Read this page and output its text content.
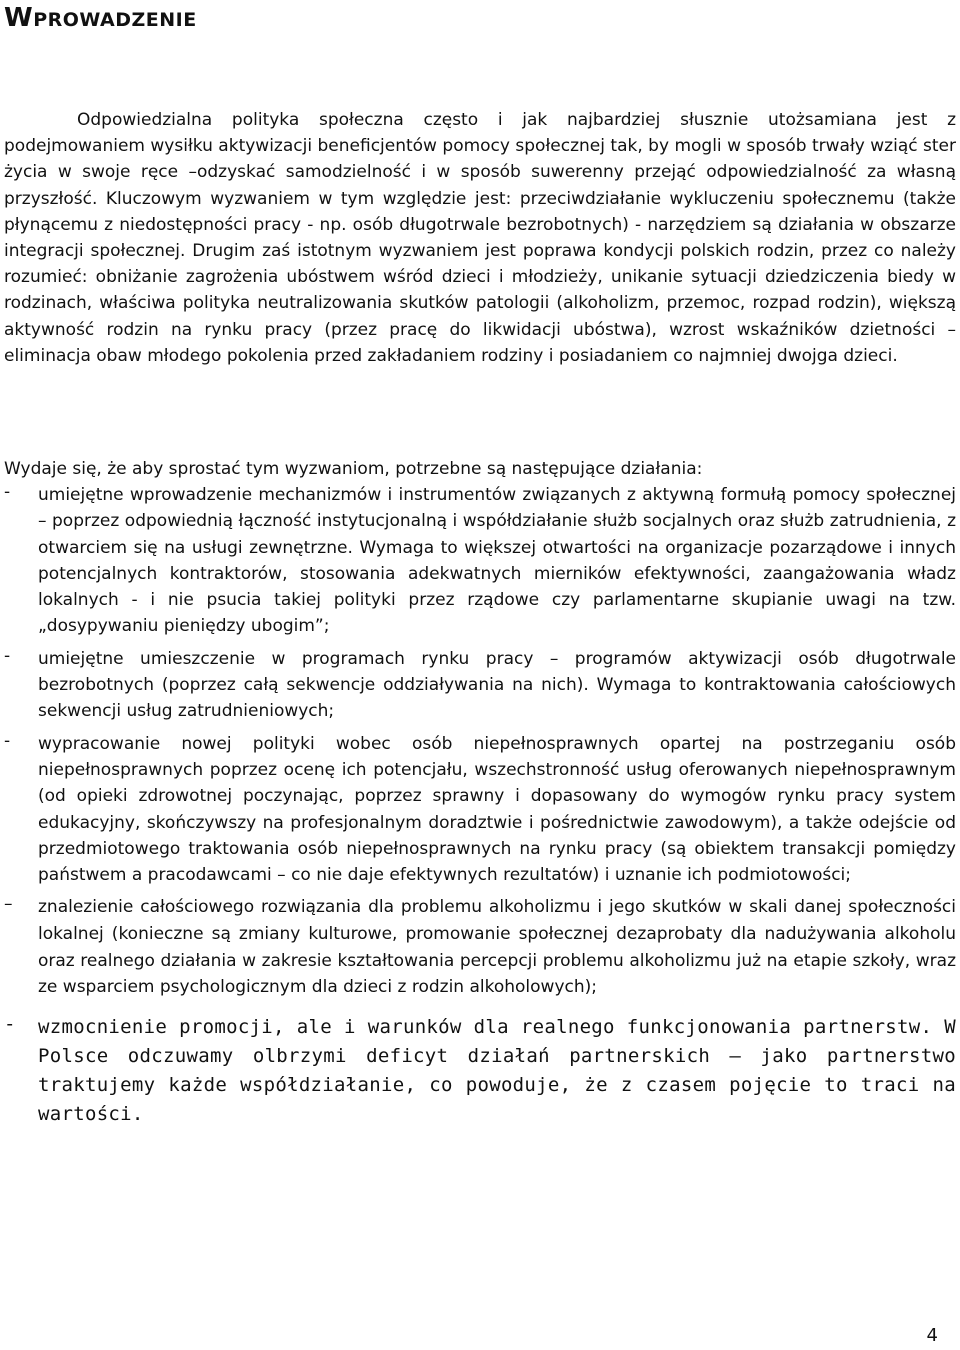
WPROWADZENIE

Odpowiedzialna polityka społeczna często i jak najbardziej słusznie utożsamiana jest z podejmowaniem wysiłku aktywizacji beneficjentów pomocy społecznej tak, by mogli w sposób trwały wziąć ster życia w swoje ręce –odzyskać samodzielność i w sposób suwerenny przejąć odpowiedzialność za własną przyszłość. Kluczowym wyzwaniem w tym względzie jest: przeciwdziałanie wykluczeniu społecznemu (także płynącemu z niedostępności pracy - np. osób długotrwale bezrobotnych) - narzędziem są działania w obszarze integracji społecznej. Drugim zaś istotnym wyzwaniem jest poprawa kondycji polskich rodzin, przez co należy rozumieć: obniżanie zagrożenia ubóstwem wśród dzieci i młodzieży, unikanie sytuacji dziedziczenia biedy w rodzinach, właściwa polityka neutralizowania skutków patologii (alkoholizm, przemoc, rozpad rodzin), większą aktywność rodzin na rynku pracy (przez pracę do likwidacji ubóstwa), wzrost wskaźników dzietności – eliminacja obaw młodego pokolenia przed zakładaniem rodziny i posiadaniem co najmniej dwojga dzieci.

Wydaje się, że aby sprostać tym wyzwaniom, potrzebne są następujące działania:

- umiejętne wprowadzenie mechanizmów i instrumentów związanych z aktywną formułą pomocy społecznej – poprzez odpowiednią łączność instytucjonalną i współdziałanie służb socjalnych oraz służb zatrudnienia, z otwarciem się na usługi zewnętrzne. Wymaga to większej otwartości na organizacje pozarządowe i innych potencjalnych kontraktorów, stosowania adekwatnych mierników efektywności, zaangażowania władz lokalnych - i nie psucia takiej polityki przez rządowe czy parlamentarne skupianie uwagi na tzw. „dosypywaniu pieniędzy ubogim”;
- umiejętne umieszczenie w programach rynku pracy – programów aktywizacji osób długotrwale bezrobotnych (poprzez całą sekwencje oddziaływania na nich). Wymaga to kontraktowania całościowych sekwencji usług zatrudnieniowych;
- wypracowanie nowej polityki wobec osób niepełnosprawnych opartej na postrzeganiu osób niepełnosprawnych poprzez ocenę ich potencjału, wszechstronność usług oferowanych niepełnosprawnym (od opieki zdrowotnej poczynając, poprzez sprawny i dopasowany do wymogów rynku pracy system edukacyjny, skończywszy na profesjonalnym doradztwie i pośrednictwie zawodowym), a także odejście od przedmiotowego traktowania osób niepełnosprawnych na rynku pracy (są obiektem transakcji pomiędzy państwem a pracodawcami – co nie daje efektywnych rezultatów) i uznanie ich podmiotowości;
– znalezienie całościowego rozwiązania dla problemu alkoholizmu i jego skutków w skali danej społeczności lokalnej (konieczne są zmiany kulturowe, promowanie społecznej dezaprobaty dla nadużywania alkoholu oraz realnego działania w zakresie kształtowania percepcji problemu alkoholizmu już na etapie szkoły, wraz ze wsparciem psychologicznym dla dzieci z rodzin alkoholowych);
- wzmocnienie promocji, ale i warunków dla realnego funkcjonowania partnerstw. W Polsce odczuwamy olbrzymi deficyt działań partnerskich – jako partnerstwo traktujemy każde współdziałanie, co powoduje, że z czasem pojęcie to traci na wartości.
4
